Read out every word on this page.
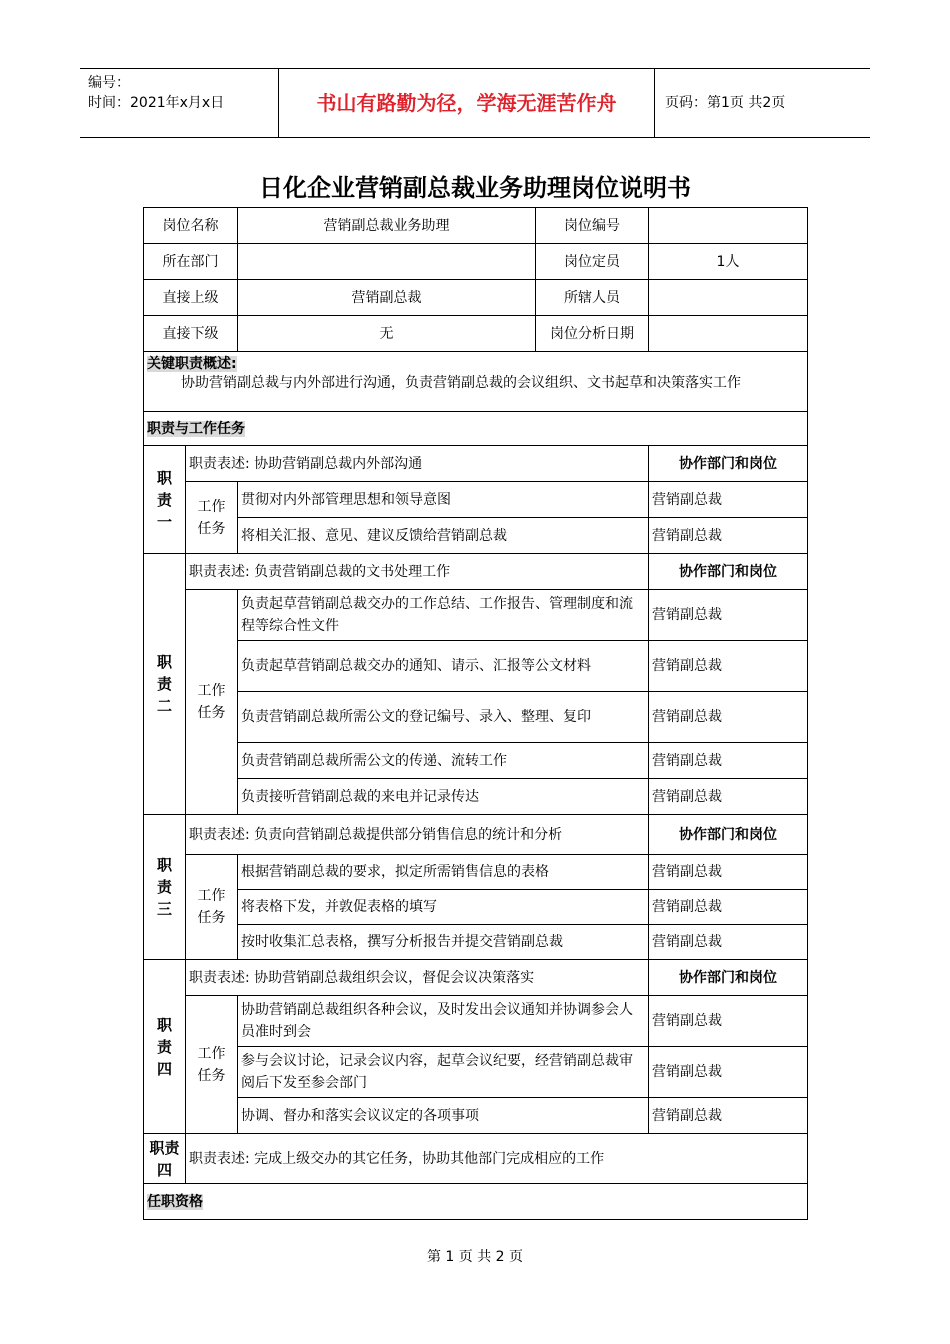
编号：
时间：2021年x月x日	书山有路勤为径，学海无涯苦作舟	页码：第1页 共2页
日化企业营销副总裁业务助理岗位说明书
岗位名称		营销副总裁业务助理	岗位编号	
所在部门			岗位定员	1人
直接上级		营销副总裁	所辖人员	
直接下级		无	岗位分析日期	
关键职责概述:
协助营销副总裁与内外部进行沟通，负责营销副总裁的会议组织、文书起草和决策落实工作				
职责与工作任务				
职责一	职责表述: 协助营销副总裁内外部沟通			协作部门和岗位
	工作任务	贯彻对内外部管理思想和领导意图		营销副总裁
		将相关汇报、意见、建议反馈给营销副总裁		营销副总裁
职责二	职责表述: 负责营销副总裁的文书处理工作			协作部门和岗位
	工作任务	负责起草营销副总裁交办的工作总结、工作报告、管理制度和流程等综合性文件		营销副总裁
		负责起草营销副总裁交办的通知、请示、汇报等公文材料		营销副总裁
		负责营销副总裁所需公文的登记编号、录入、整理、复印		营销副总裁
		负责营销副总裁所需公文的传递、流转工作		营销副总裁
		负责接听营销副总裁的来电并记录传达		营销副总裁
职责三	职责表述: 负责向营销副总裁提供部分销售信息的统计和分析			协作部门和岗位
	工作任务	根据营销副总裁的要求，拟定所需销售信息的表格		营销副总裁
		将表格下发，并敦促表格的填写		营销副总裁
		按时收集汇总表格，撰写分析报告并提交营销副总裁		营销副总裁
职责四	职责表述: 协助营销副总裁组织会议，督促会议决策落实			协作部门和岗位
	工作任务	协助营销副总裁组织各种会议，及时发出会议通知并协调参会人员准时到会		营销副总裁
		参与会议讨论，记录会议内容，起草会议纪要，经营销副总裁审阅后下发至参会部门		营销副总裁
		协调、督办和落实会议议定的各项事项		营销副总裁
职责四	职责表述: 完成上级交办的其它任务，协助其他部门完成相应的工作			
任职资格				
第 1 页 共 2 页
